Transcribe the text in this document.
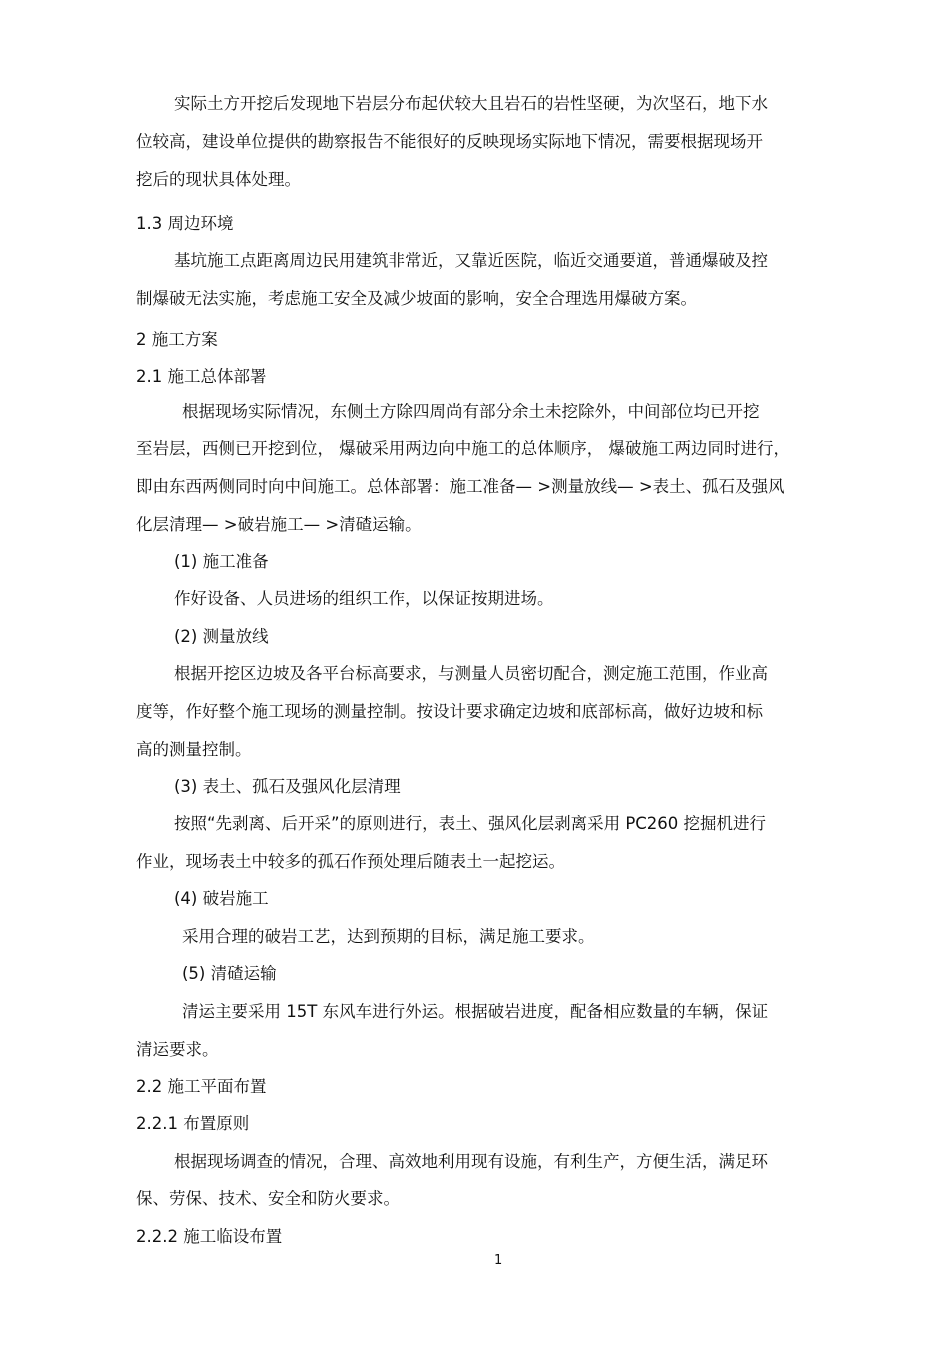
实际土方开挖后发现地下岩层分布起伏较大且岩石的岩性坚硬，为次坚石，地下水

位较高，建设单位提供的勘察报告不能很好的反映现场实际地下情况，需要根据现场开

挖后的现状具体处理。

1.3 周边环境

基坑施工点距离周边民用建筑非常近，又靠近医院，临近交通要道，普通爆破及控

制爆破无法实施，考虑施工安全及减少坡面的影响，安全合理选用爆破方案。

2 施工方案

2.1 施工总体部署

根据现场实际情况，东侧土方除四周尚有部分余土未挖除外，中间部位均已开挖

至岩层，西侧已开挖到位， 爆破采用两边向中施工的总体顺序， 爆破施工两边同时进行，

即由东西两侧同时向中间施工。总体部署：施工准备— >测量放线— >表土、孤石及强风

化层清理— >破岩施工— >清碴运输。

(1) 施工准备

作好设备、人员进场的组织工作，以保证按期进场。

(2) 测量放线

根据开挖区边坡及各平台标高要求，与测量人员密切配合，测定施工范围，作业高

度等，作好整个施工现场的测量控制。按设计要求确定边坡和底部标高，做好边坡和标

高的测量控制。

(3) 表土、孤石及强风化层清理

按照“先剥离、后开采”的原则进行，表土、强风化层剥离采用 PC260 挖掘机进行

作业，现场表土中较多的孤石作预处理后随表土一起挖运。

(4) 破岩施工

采用合理的破岩工艺，达到预期的目标，满足施工要求。

(5) 清碴运输

清运主要采用 15T 东风车进行外运。根据破岩进度，配备相应数量的车辆，保证

清运要求。

2.2 施工平面布置

2.2.1 布置原则

根据现场调查的情况，合理、高效地利用现有设施，有利生产，方便生活，满足环

保、劳保、技术、安全和防火要求。

2.2.2 施工临设布置

1
